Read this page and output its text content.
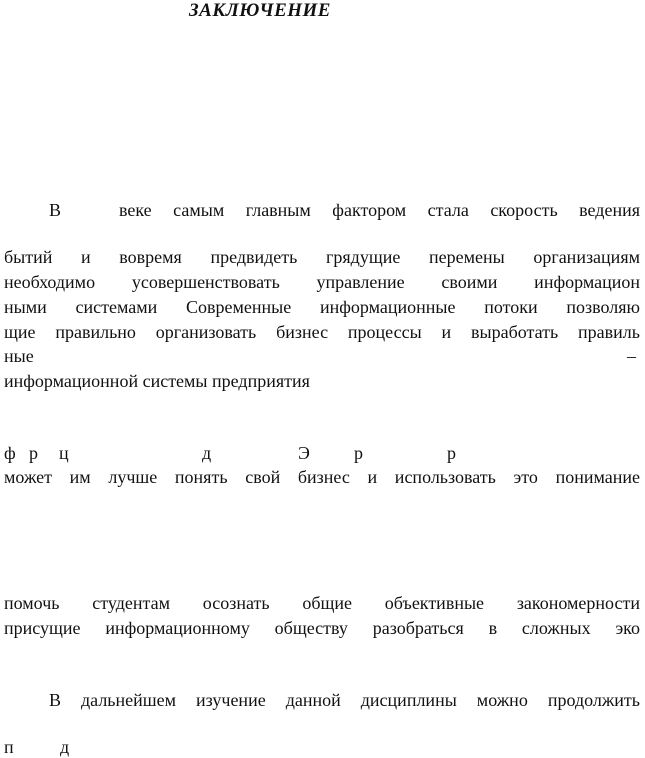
ЗАКЛЮЧЕНИЕ
В	веке самым главным фактором стала скорость ведения
бытий и вовремя предвидеть грядущие перемены организациям
необходимо усовершенствовать управление своими информацион
ными системами Современные информационные потоки позволяю
щие правильно организовать бизнес процессы и выработать правиль
ные	–
информационной системы предприятия
ф р ц	д	Э р	р
может им лучше понять свой бизнес и использовать это понимание
помочь студентам осознать общие объективные закономерности
присущие информационному обществу разобраться в сложных эко
В дальнейшем изучение данной дисциплины можно продолжить
п	д
